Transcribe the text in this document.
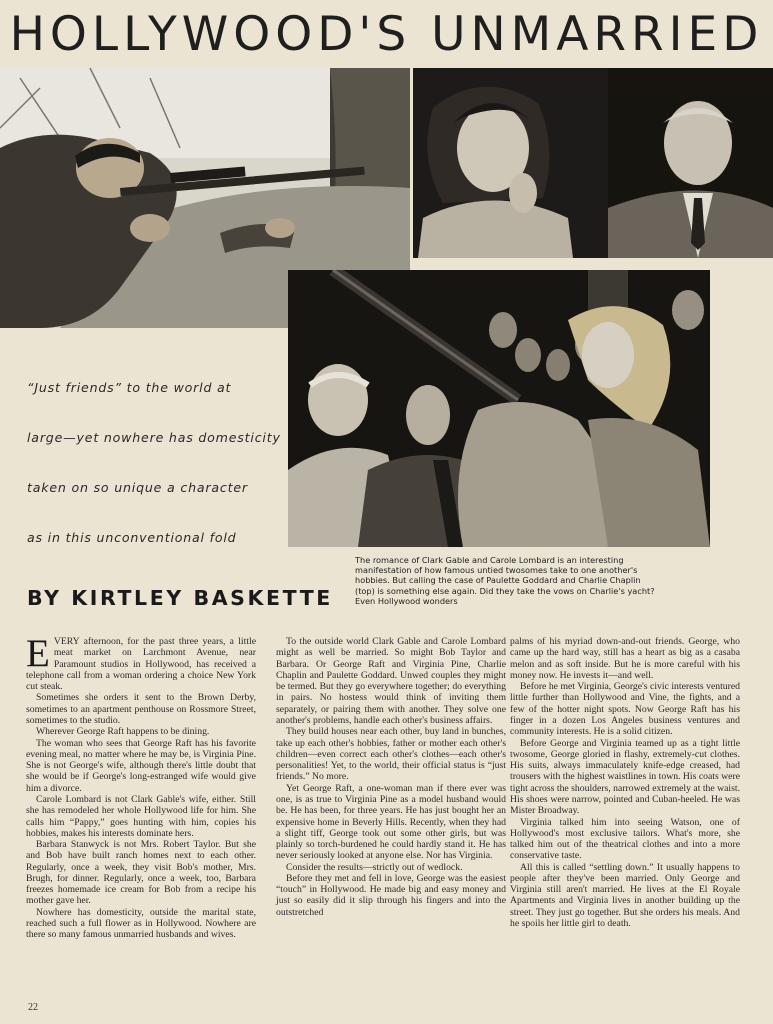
HOLLYWOOD'S UNMARRIED

“Just friends” to the world at

large—yet nowhere has domesticity

taken on so unique a character

as in this unconventional fold

The romance of Clark Gable and Carole Lombard is an interesting manifestation of how famous untied twosomes take to one another's hobbies. But calling the case of Paulette Goddard and Charlie Chaplin (top) is something else again. Did they take the vows on Charlie's yacht? Even Hollywood wonders
BY KIRTLEY BASKETTE

EVERY afternoon, for the past three years, a little meat market on Larchmont Avenue, near Paramount studios in Hollywood, has received a telephone call from a woman ordering a choice New York cut steak.

Sometimes she orders it sent to the Brown Derby, sometimes to an apartment penthouse on Rossmore Street, sometimes to the studio.

Wherever George Raft happens to be dining.

The woman who sees that George Raft has his favorite evening meal, no matter where he may be, is Virginia Pine. She is not George's wife, although there's little doubt that she would be if George's long-estranged wife would give him a divorce.

Carole Lombard is not Clark Gable's wife, either. Still she has remodeled her whole Hollywood life for him. She calls him “Pappy,” goes hunting with him, copies his hobbies, makes his interests dominate hers.

Barbara Stanwyck is not Mrs. Robert Taylor. But she and Bob have built ranch homes next to each other. Regularly, once a week, they visit Bob's mother, Mrs. Brugh, for dinner. Regularly, once a week, too, Barbara freezes homemade ice cream for Bob from a recipe his mother gave her.

Nowhere has domesticity, outside the marital state, reached such a full flower as in Hollywood. Nowhere are there so many famous unmarried husbands and wives.

To the outside world Clark Gable and Carole Lombard might as well be married. So might Bob Taylor and Barbara. Or George Raft and Virginia Pine, Charlie Chaplin and Paulette Goddard. Unwed couples they might be termed. But they go everywhere together; do everything in pairs. No hostess would think of inviting them separately, or pairing them with another. They solve one another's problems, handle each other's business affairs.

They build houses near each other, buy land in bunches, take up each other's hobbies, father or mother each other's children—even correct each other's clothes—each other's personalities! Yet, to the world, their official status is “just friends.” No more.

Yet George Raft, a one-woman man if there ever was one, is as true to Virginia Pine as a model husband would be. He has been, for three years. He has just bought her an expensive home in Beverly Hills. Recently, when they had a slight tiff, George took out some other girls, but was plainly so torch-burdened he could hardly stand it. He has never seriously looked at anyone else. Nor has Virginia.

Consider the results—strictly out of wedlock.

Before they met and fell in love, George was the easiest “touch” in Hollywood. He made big and easy money and just so easily did it slip through his fingers and into the outstretched

palms of his myriad down-and-out friends. George, who came up the hard way, still has a heart as big as a casaba melon and as soft inside. But he is more careful with his money now. He invests it—and well.

Before he met Virginia, George's civic interests ventured little further than Hollywood and Vine, the fights, and a few of the hotter night spots. Now George Raft has his finger in a dozen Los Angeles business ventures and community interests. He is a solid citizen.

Before George and Virginia teamed up as a tight little twosome, George gloried in flashy, extremely-cut clothes. His suits, always immaculately knife-edge creased, had trousers with the highest waistlines in town. His coats were tight across the shoulders, narrowed extremely at the waist. His shoes were narrow, pointed and Cuban-heeled. He was Mister Broadway.

Virginia talked him into seeing Watson, one of Hollywood's most exclusive tailors. What's more, she talked him out of the theatrical clothes and into a more conservative taste.

All this is called “settling down.” It usually happens to people after they've been married. Only George and Virginia still aren't married. He lives at the El Royale Apartments and Virginia lives in another building up the street. They just go together. But she orders his meals. And he spoils her little girl to death.

22
